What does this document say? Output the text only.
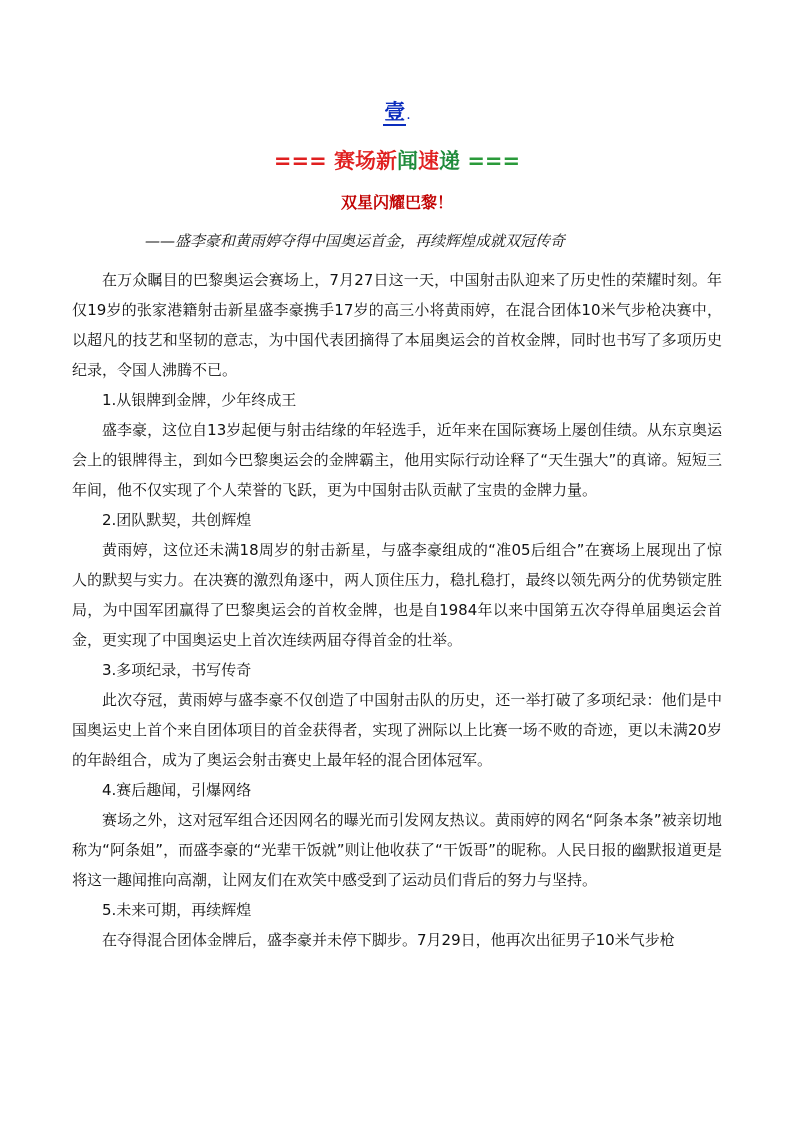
壹.
=== 赛场新闻速递 ===
双星闪耀巴黎！
——盛李豪和黄雨婷夺得中国奥运首金，再续辉煌成就双冠传奇

在万众瞩目的巴黎奥运会赛场上，7月27日这一天，中国射击队迎来了历史性的荣耀时刻。年仅19岁的张家港籍射击新星盛李豪携手17岁的高三小将黄雨婷，在混合团体10米气步枪决赛中，以超凡的技艺和坚韧的意志，为中国代表团摘得了本届奥运会的首枚金牌，同时也书写了多项历史纪录，令国人沸腾不已。

1.从银牌到金牌，少年终成王

盛李豪，这位自13岁起便与射击结缘的年轻选手，近年来在国际赛场上屡创佳绩。从东京奥运会上的银牌得主，到如今巴黎奥运会的金牌霸主，他用实际行动诠释了“天生强大”的真谛。短短三年间，他不仅实现了个人荣誉的飞跃，更为中国射击队贡献了宝贵的金牌力量。

2.团队默契，共创辉煌

黄雨婷，这位还未满18周岁的射击新星，与盛李豪组成的“准05后组合”在赛场上展现出了惊人的默契与实力。在决赛的激烈角逐中，两人顶住压力，稳扎稳打，最终以领先两分的优势锁定胜局，为中国军团赢得了巴黎奥运会的首枚金牌，也是自1984年以来中国第五次夺得单届奥运会首金，更实现了中国奥运史上首次连续两届夺得首金的壮举。

3.多项纪录，书写传奇

此次夺冠，黄雨婷与盛李豪不仅创造了中国射击队的历史，还一举打破了多项纪录：他们是中国奥运史上首个来自团体项目的首金获得者，实现了洲际以上比赛一场不败的奇迹，更以未满20岁的年龄组合，成为了奥运会射击赛史上最年轻的混合团体冠军。

4.赛后趣闻，引爆网络

赛场之外，这对冠军组合还因网名的曝光而引发网友热议。黄雨婷的网名“阿条本条”被亲切地称为“阿条姐”，而盛李豪的“光辈干饭就”则让他收获了“干饭哥”的昵称。人民日报的幽默报道更是将这一趣闻推向高潮，让网友们在欢笑中感受到了运动员们背后的努力与坚持。

5.未来可期，再续辉煌

在夺得混合团体金牌后，盛李豪并未停下脚步。7月29日，他再次出征男子10米气步枪
